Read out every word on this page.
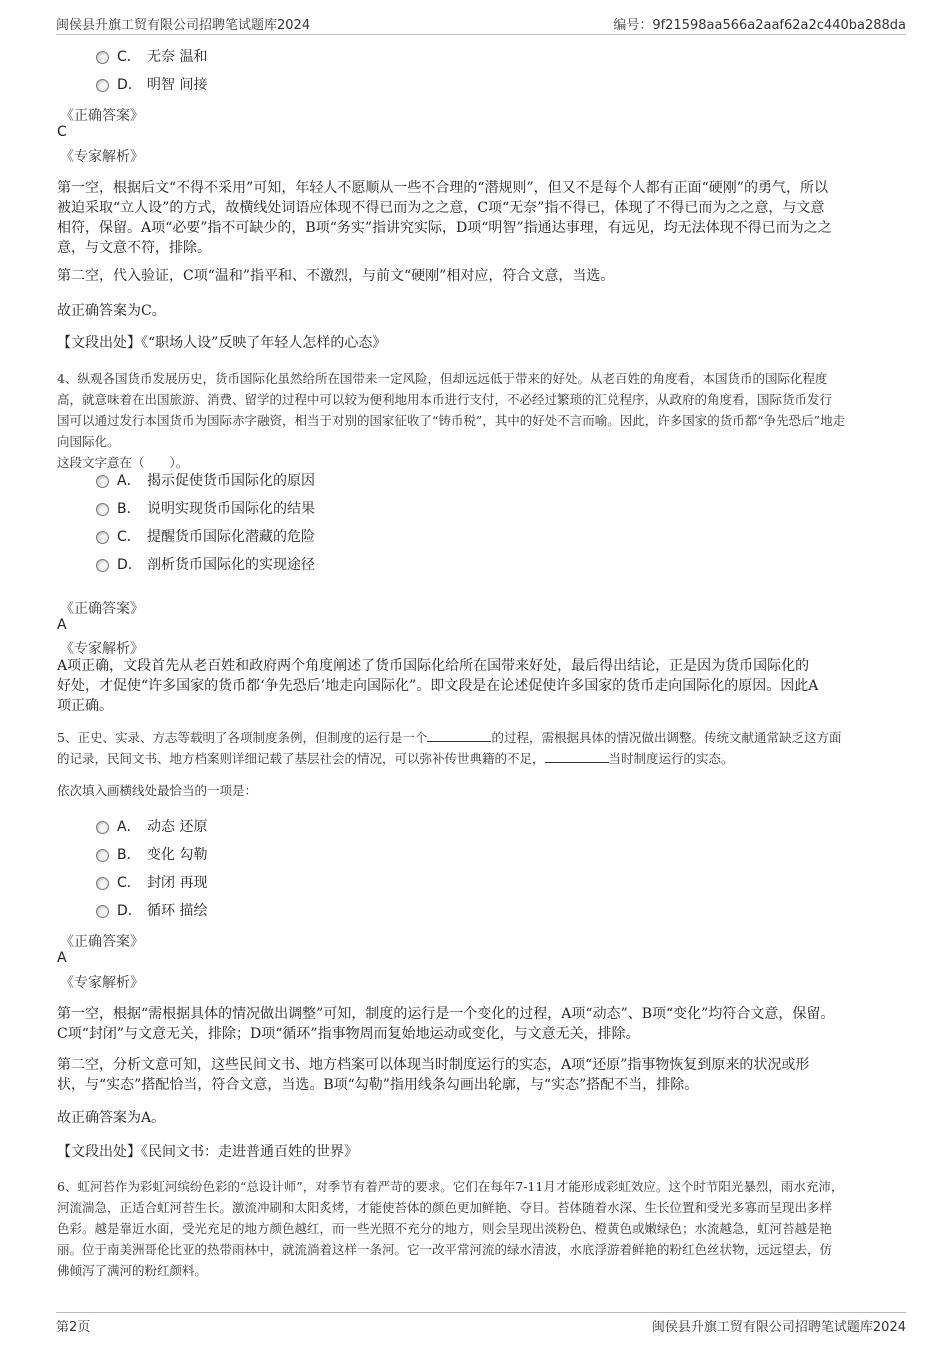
闽侯县升旗工贸有限公司招聘笔试题库2024	编号：9f21598aa566a2aaf62a2c440ba288da
C． 无奈 温和
D． 明智 间接
《正确答案》
C
《专家解析》
第一空，根据后文“不得不采用”可知，年轻人不愿顺从一些不合理的“潜规则”，但又不是每个人都有正面“硬刚”的勇气，所以
被迫采取“立人设”的方式，故横线处词语应体现不得已而为之之意，C项“无奈”指不得已，体现了不得已而为之之意，与文意
相符，保留。A项“必要”指不可缺少的，B项“务实”指讲究实际，D项“明智”指通达事理，有远见，均无法体现不得已而为之之
意，与文意不符，排除。
第二空，代入验证，C项“温和”指平和、不激烈，与前文“硬刚”相对应，符合文意，当选。
故正确答案为C。
【文段出处】《“职场人设”反映了年轻人怎样的心态》
4、纵观各国货币发展历史，货币国际化虽然给所在国带来一定风险，但却远远低于带来的好处。从老百姓的角度看，本国货币的国际化程度
高，就意味着在出国旅游、消费、留学的过程中可以较为便利地用本币进行支付，不必经过繁琐的汇兑程序，从政府的角度看，国际货币发行
国可以通过发行本国货币为国际赤字融资，相当于对别的国家征收了“铸币税”，其中的好处不言而喻。因此，许多国家的货币都“争先恐后”地走
向国际化。
这段文字意在（　　）。
A． 揭示促使货币国际化的原因
B． 说明实现货币国际化的结果
C． 提醒货币国际化潜藏的危险
D． 剖析货币国际化的实现途径
《正确答案》
A
《专家解析》
A项正确，文段首先从老百姓和政府两个角度阐述了货币国际化给所在国带来好处，最后得出结论，正是因为货币国际化的
好处，才促使“许多国家的货币都‘争先恐后’地走向国际化”。即文段是在论述促使许多国家的货币走向国际化的原因。因此A
项正确。
5、正史、实录、方志等载明了各项制度条例，但制度的运行是一个	的过程，需根据具体的情况做出调整。传统文献通常缺乏这方面
的记录，民间文书、地方档案则详细记载了基层社会的情况，可以弥补传世典籍的不足，	当时制度运行的实态。
依次填入画横线处最恰当的一项是：
A． 动态 还原
B． 变化 勾勒
C． 封闭 再现
D． 循环 描绘
《正确答案》
A
《专家解析》
第一空，根据“需根据具体的情况做出调整”可知，制度的运行是一个变化的过程，A项“动态”、B项“变化”均符合文意，保留。
C项“封闭”与文意无关，排除；D项“循环”指事物周而复始地运动或变化，与文意无关，排除。
第二空，分析文意可知，这些民间文书、地方档案可以体现当时制度运行的实态，A项“还原”指事物恢复到原来的状况或形
状，与“实态”搭配恰当，符合文意，当选。B项“勾勒”指用线条勾画出轮廓，与“实态”搭配不当，排除。
故正确答案为A。
【文段出处】《民间文书：走进普通百姓的世界》
6、虹河苔作为彩虹河缤纷色彩的“总设计师”，对季节有着严苛的要求。它们在每年7-11月才能形成彩虹效应。这个时节阳光暴烈，雨水充沛，
河流湍急，正适合虹河苔生长。激流冲刷和太阳炙烤，才能使苔体的颜色更加鲜艳、夺目。苔体随着水深、生长位置和受光多寡而呈现出多样
色彩。越是靠近水面，受光充足的地方颜色越红，而一些光照不充分的地方，则会呈现出淡粉色、橙黄色或嫩绿色；水流越急，虹河苔越是艳
丽。位于南美洲哥伦比亚的热带雨林中，就流淌着这样一条河。它一改平常河流的绿水清波，水底浮游着鲜艳的粉红色丝状物，远远望去，仿
佛倾泻了满河的粉红颜料。
第2页	闽侯县升旗工贸有限公司招聘笔试题库2024
